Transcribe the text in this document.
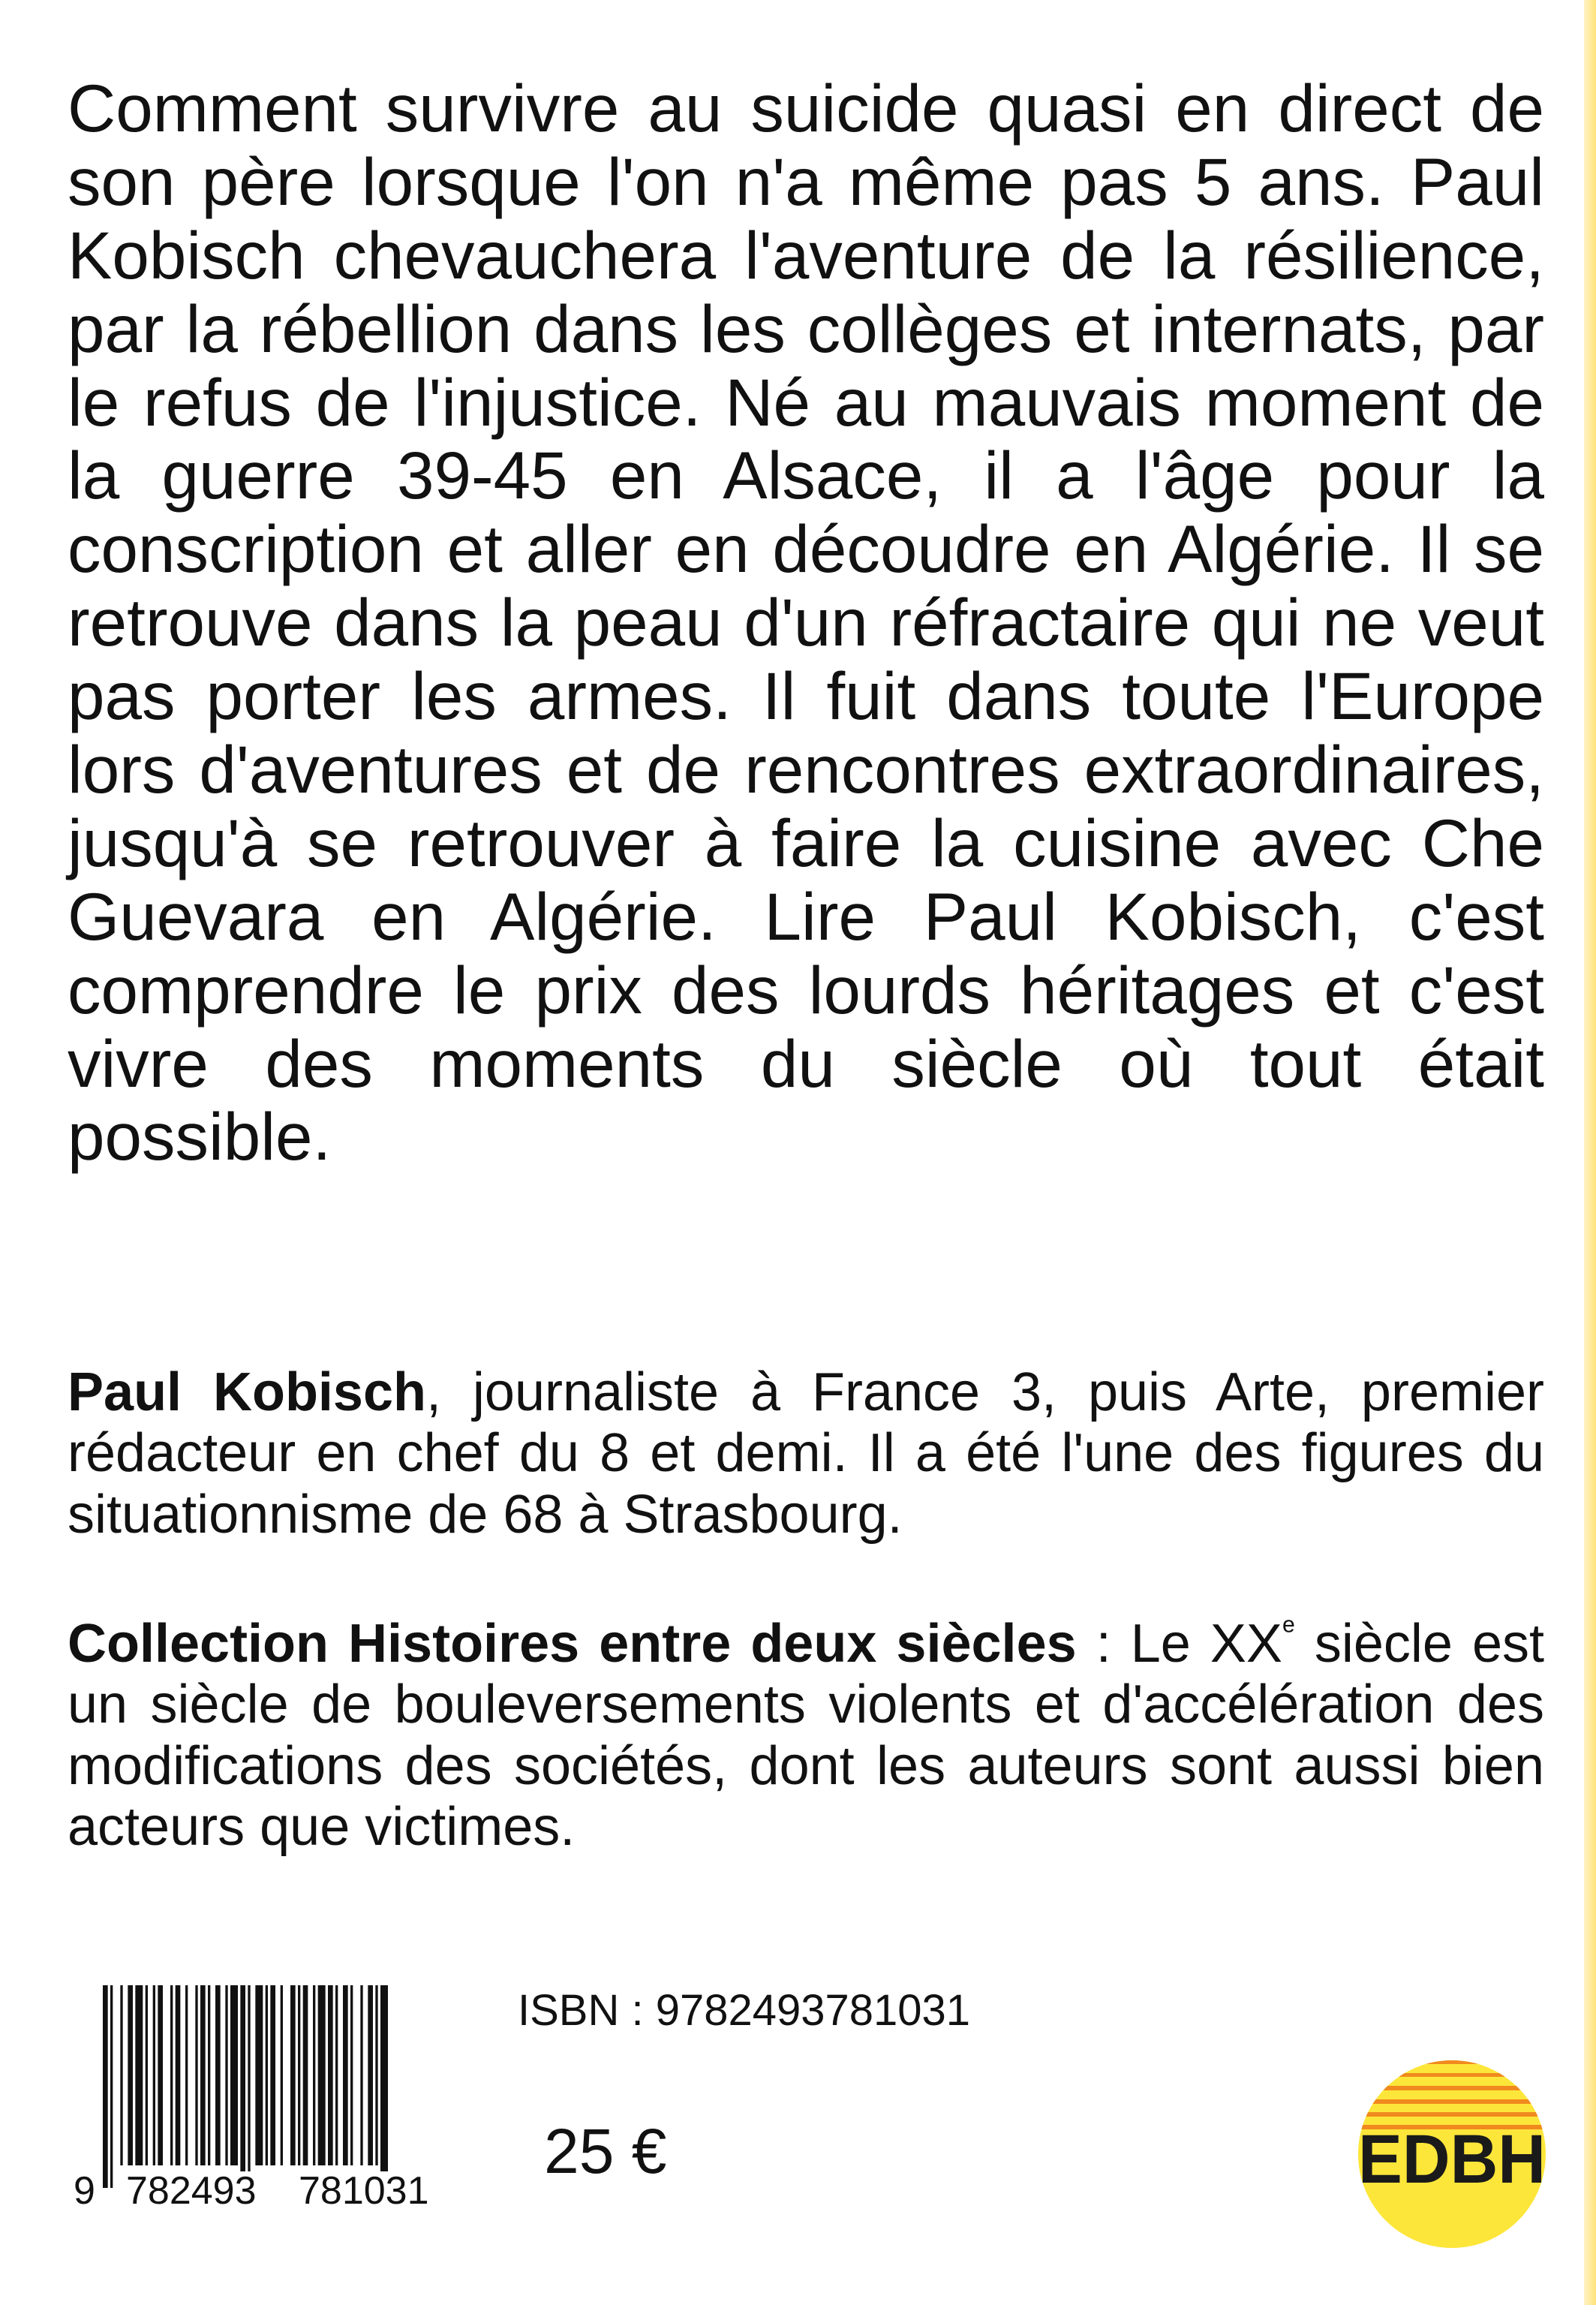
Comment survivre au suicide quasi en direct de son père lorsque l'on n'a même pas 5 ans. Paul Kobisch chevauchera l'aventure de la résilience, par la rébellion dans les collèges et internats, par le refus de l'injustice. Né au mauvais moment de la guerre 39-45 en Alsace, il a l'âge pour la conscription et aller en découdre en Algérie. Il se retrouve dans la peau d'un réfractaire qui ne veut pas porter les armes. Il fuit dans toute l'Europe lors d'aventures et de rencontres extraordinaires, jusqu'à se retrouver à faire la cuisine avec Che Guevara en Algérie. Lire Paul Kobisch, c'est comprendre le prix des lourds héritages et c'est vivre des moments du siècle où tout était possible.

Paul Kobisch, journaliste à France 3, puis Arte, premier rédacteur en chef du 8 et demi. Il a été l'une des figures du situationnisme de 68 à Strasbourg.

Collection Histoires entre deux siècles : Le XXe siècle est un siècle de bouleversements violents et d'accélération des modifications des sociétés, dont les auteurs sont aussi bien acteurs que victimes.

9 782493 781031
ISBN : 9782493781031
25 €	EDBH
